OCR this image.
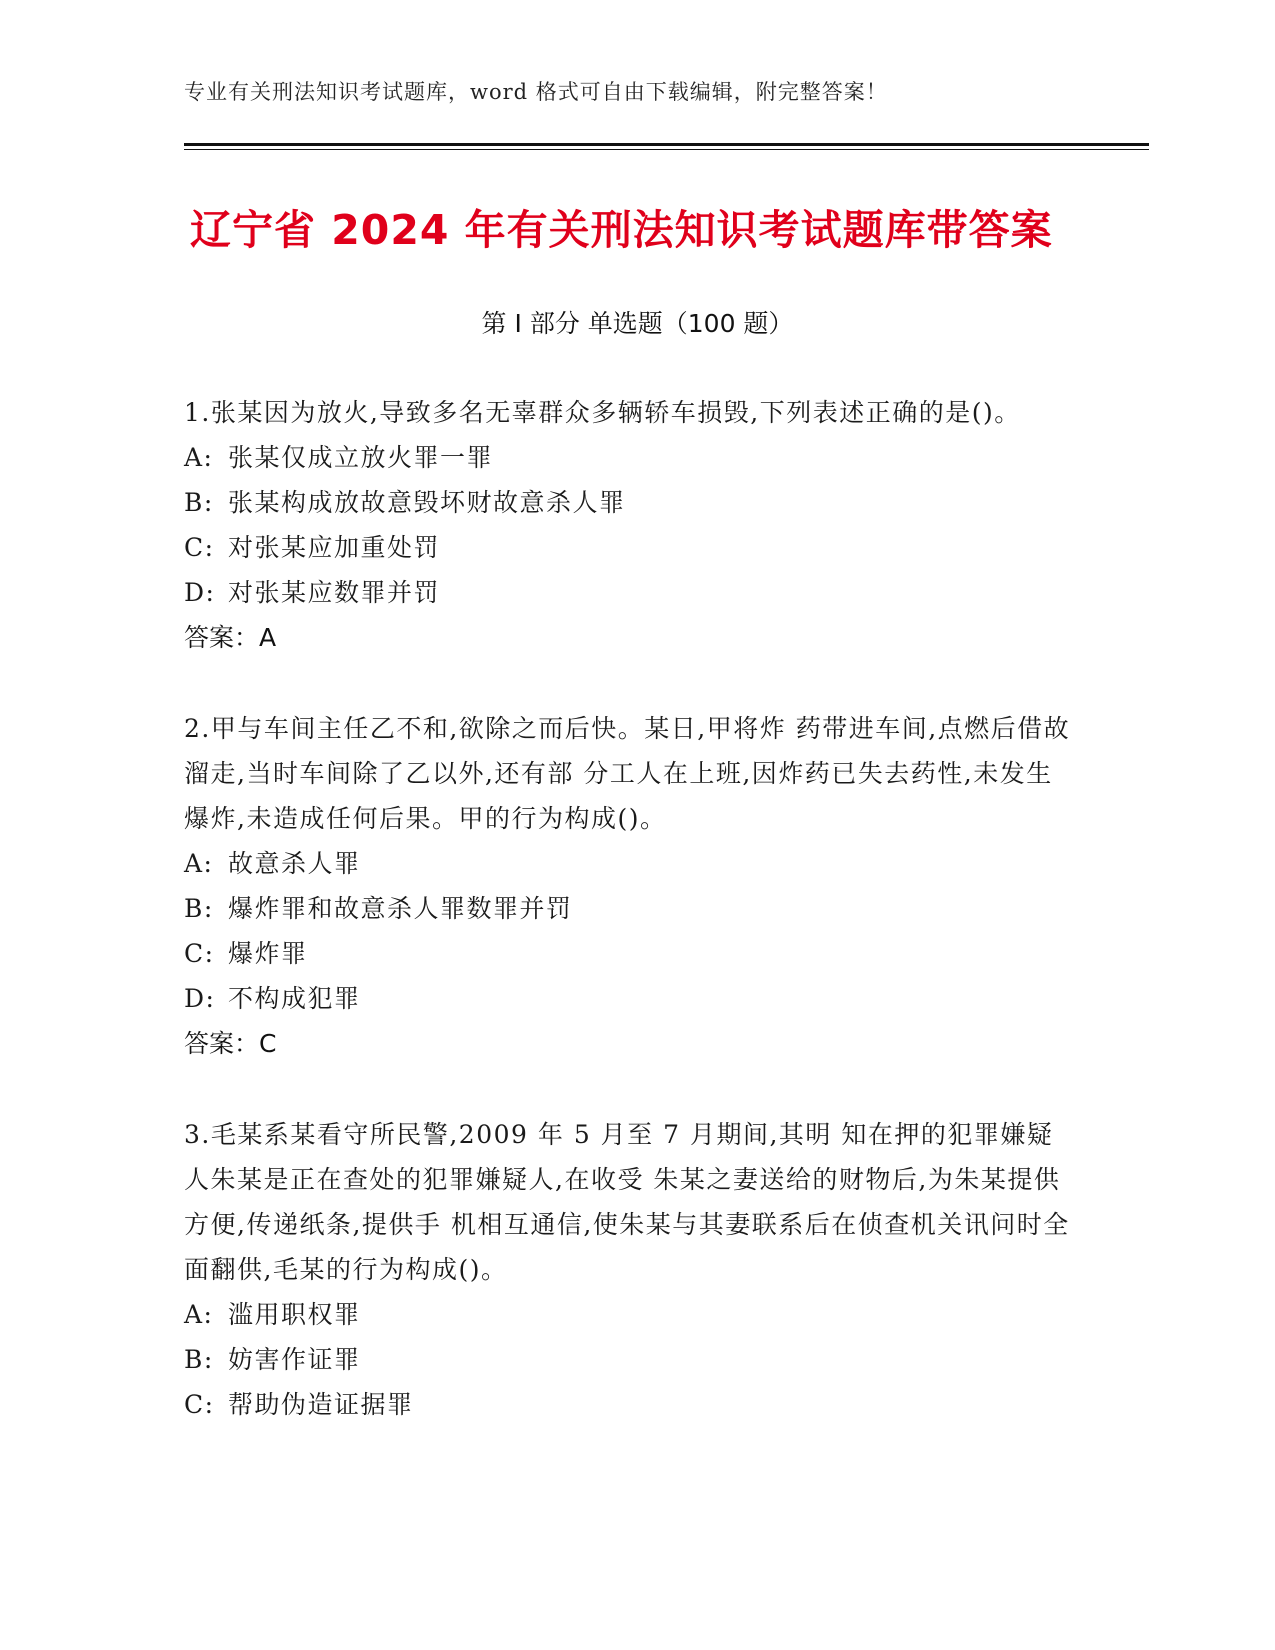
专业有关刑法知识考试题库，word 格式可自由下载编辑，附完整答案！
辽宁省 2024 年有关刑法知识考试题库带答案
第 I 部分 单选题（100 题）

1.张某因为放火,导致多名无辜群众多辆轿车损毁,下列表述正确的是()。

A: 张某仅成立放火罪一罪
B: 张某构成放故意毁坏财故意杀人罪
C: 对张某应加重处罚
D: 对张某应数罪并罚
答案：A

2.甲与车间主任乙不和,欲除之而后快。某日,甲将炸 药带进车间,点燃后借故溜走,当时车间除了乙以外,还有部 分工人在上班,因炸药已失去药性,未发生爆炸,未造成任何后果。甲的行为构成()。

A: 故意杀人罪
B: 爆炸罪和故意杀人罪数罪并罚
C: 爆炸罪
D: 不构成犯罪
答案：C

3.毛某系某看守所民警,2009 年 5 月至 7 月期间,其明 知在押的犯罪嫌疑人朱某是正在查处的犯罪嫌疑人,在收受 朱某之妻送给的财物后,为朱某提供方便,传递纸条,提供手 机相互通信,使朱某与其妻联系后在侦查机关讯问时全面翻供,毛某的行为构成()。

A: 滥用职权罪
B: 妨害作证罪
C: 帮助伪造证据罪
